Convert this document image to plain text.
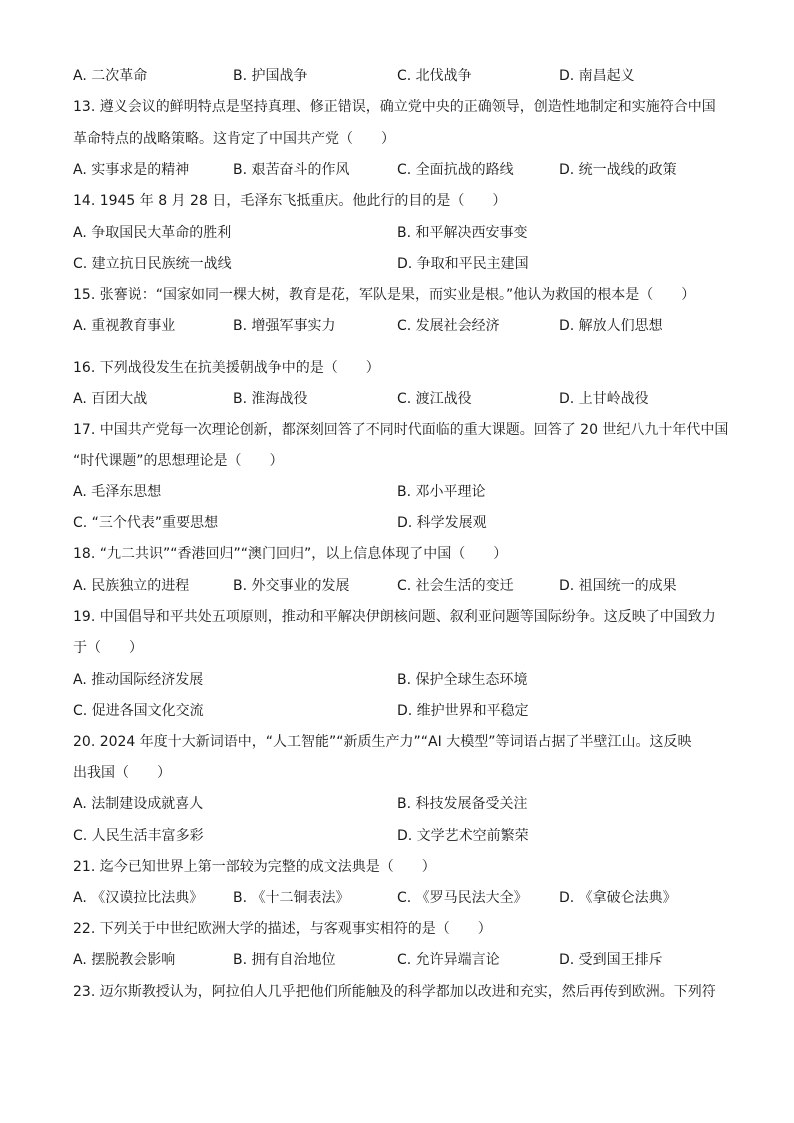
A. 二次革命	B. 护国战争	C. 北伐战争	D. 南昌起义
13. 遵义会议的鲜明特点是坚持真理、修正错误，确立党中央的正确领导，创造性地制定和实施符合中国
革命特点的战略策略。这肯定了中国共产党（　　）
A. 实事求是的精神	B. 艰苦奋斗的作风	C. 全面抗战的路线	D. 统一战线的政策
14. 1945 年 8 月 28 日，毛泽东飞抵重庆。他此行的目的是（　　）
A. 争取国民大革命的胜利	B. 和平解决西安事变
C. 建立抗日民族统一战线	D. 争取和平民主建国
15. 张謇说：“国家如同一棵大树，教育是花，军队是果，而实业是根。”他认为救国的根本是（　　）
A. 重视教育事业	B. 增强军事实力	C. 发展社会经济	D. 解放人们思想
16. 下列战役发生在抗美援朝战争中的是（　　）
A. 百团大战	B. 淮海战役	C. 渡江战役	D. 上甘岭战役
17. 中国共产党每一次理论创新，都深刻回答了不同时代面临的重大课题。回答了 20 世纪八九十年代中国
“时代课题”的思想理论是（　　）
A. 毛泽东思想	B. 邓小平理论
C. “三个代表”重要思想	D. 科学发展观
18. “九二共识”“香港回归”“澳门回归”，以上信息体现了中国（　　）
A. 民族独立的进程	B. 外交事业的发展	C. 社会生活的变迁	D. 祖国统一的成果
19. 中国倡导和平共处五项原则，推动和平解决伊朗核问题、叙利亚问题等国际纷争。这反映了中国致力
于（　　）
A. 推动国际经济发展	B. 保护全球生态环境
C. 促进各国文化交流	D. 维护世界和平稳定
20. 2024 年度十大新词语中，“人工智能”“新质生产力”“AI 大模型”等词语占据了半壁江山。这反映
出我国（　　）
A. 法制建设成就喜人	B. 科技发展备受关注
C. 人民生活丰富多彩	D. 文学艺术空前繁荣
21. 迄今已知世界上第一部较为完整的成文法典是（　　）
A. 《汉谟拉比法典》 B. 《十二铜表法》	C. 《罗马民法大全》 D. 《拿破仑法典》
22. 下列关于中世纪欧洲大学的描述，与客观事实相符的是（　　）
A. 摆脱教会影响	B. 拥有自治地位	C. 允许异端言论	D. 受到国王排斥
23. 迈尔斯教授认为，阿拉伯人几乎把他们所能触及的科学都加以改进和充实，然后再传到欧洲。下列符
